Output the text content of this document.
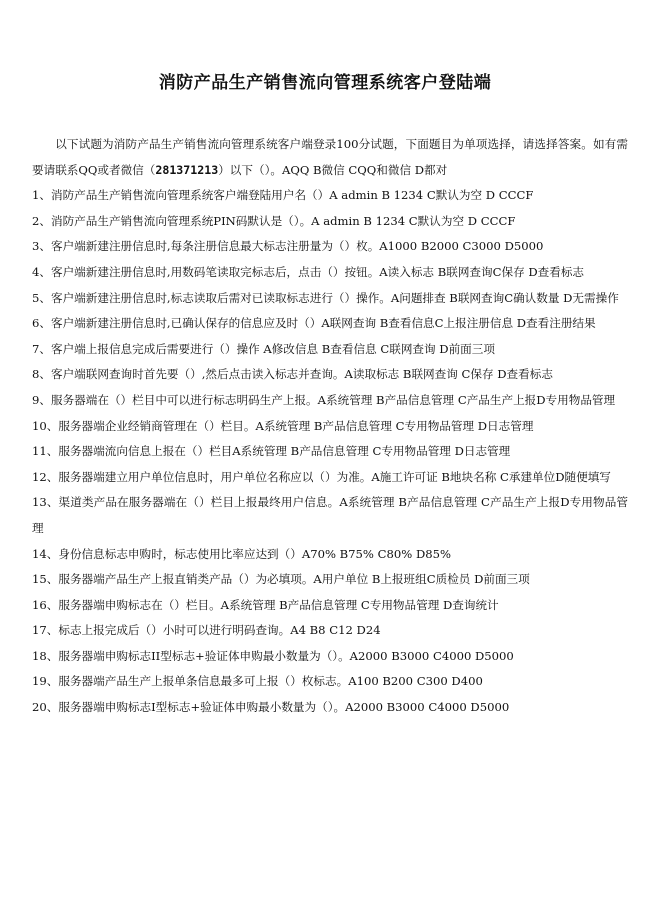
消防产品生产销售流向管理系统客户登陆端

以下试题为消防产品生产销售流向管理系统客户端登录100分试题，下面题目为单项选择，请选择答案。如有需要请联系QQ或者微信（281371213）以下（）。AQQ B微信 CQQ和微信 D都对

1、消防产品生产销售流向管理系统客户端登陆用户名（）A admin B 1234 C默认为空 D CCCF

2、消防产品生产销售流向管理系统PIN码默认是（）。A admin B 1234 C默认为空 D CCCF

3、客户端新建注册信息时,每条注册信息最大标志注册量为（）枚。A1000 B2000 C3000 D5000

4、客户端新建注册信息时,用数码笔读取完标志后，点击（）按钮。A读入标志 B联网查询C保存 D查看标志

5、客户端新建注册信息时,标志读取后需对已读取标志进行（）操作。A问题排查 B联网查询C确认数量 D无需操作

6、客户端新建注册信息时,已确认保存的信息应及时（）A联网查询 B查看信息C上报注册信息 D查看注册结果

7、客户端上报信息完成后需要进行（）操作 A修改信息 B查看信息 C联网查询 D前面三项

8、客户端联网查询时首先要（）,然后点击读入标志并查询。A读取标志 B联网查询 C保存 D查看标志

9、服务器端在（）栏目中可以进行标志明码生产上报。A系统管理 B产品信息管理 C产品生产上报D专用物品管理

10、服务器端企业经销商管理在（）栏目。A系统管理 B产品信息管理 C专用物品管理 D日志管理

11、服务器端流向信息上报在（）栏目A系统管理 B产品信息管理 C专用物品管理 D日志管理

12、服务器端建立用户单位信息时，用户单位名称应以（）为准。A施工许可证 B地块名称 C承建单位D随便填写

13、渠道类产品在服务器端在（）栏目上报最终用户信息。A系统管理 B产品信息管理 C产品生产上报D专用物品管理

14、身份信息标志申购时，标志使用比率应达到（）A70% B75% C80% D85%

15、服务器端产品生产上报直销类产品（）为必填项。A用户单位 B上报班组C质检员 D前面三项

16、服务器端申购标志在（）栏目。A系统管理 B产品信息管理 C专用物品管理 D查询统计

17、标志上报完成后（）小时可以进行明码查询。A4 B8 C12 D24

18、服务器端申购标志II型标志+验证体申购最小数量为（）。A2000 B3000 C4000 D5000

19、服务器端产品生产上报单条信息最多可上报（）枚标志。A100 B200 C300 D400

20、服务器端申购标志I型标志+验证体申购最小数量为（）。A2000 B3000 C4000 D5000
